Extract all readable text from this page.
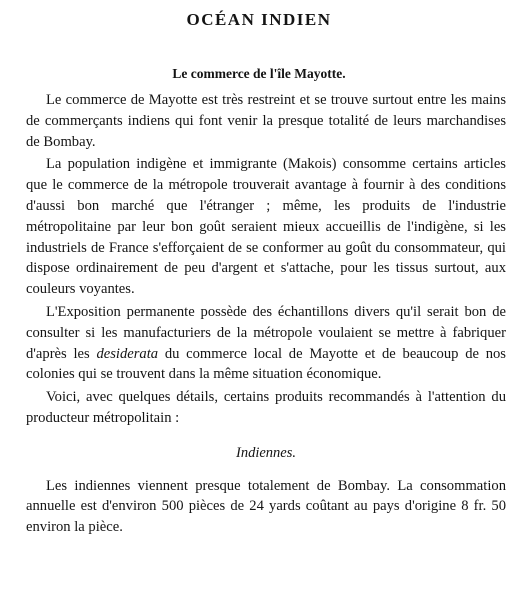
OCÉAN INDIEN
Le commerce de l'île Mayotte.

Le commerce de Mayotte est très restreint et se trouve surtout entre les mains de commerçants indiens qui font venir la presque totalité de leurs marchandises de Bombay.

La population indigène et immigrante (Makois) consomme certains articles que le commerce de la métropole trouverait avantage à fournir à des conditions d'aussi bon marché que l'étranger ; même, les produits de l'industrie métropolitaine par leur bon goût seraient mieux accueillis de l'indigène, si les industriels de France s'efforçaient de se conformer au goût du consommateur, qui dispose ordinairement de peu d'argent et s'attache, pour les tissus surtout, aux couleurs voyantes.

L'Exposition permanente possède des échantillons divers qu'il serait bon de consulter si les manufacturiers de la métropole voulaient se mettre à fabriquer d'après les desiderata du commerce local de Mayotte et de beaucoup de nos colonies qui se trouvent dans la même situation économique.

Voici, avec quelques détails, certains produits recommandés à l'attention du producteur métropolitain :

Indiennes.

Les indiennes viennent presque totalement de Bombay. La consommation annuelle est d'environ 500 pièces de 24 yards coûtant au pays d'origine 8 fr. 50 environ la pièce.
